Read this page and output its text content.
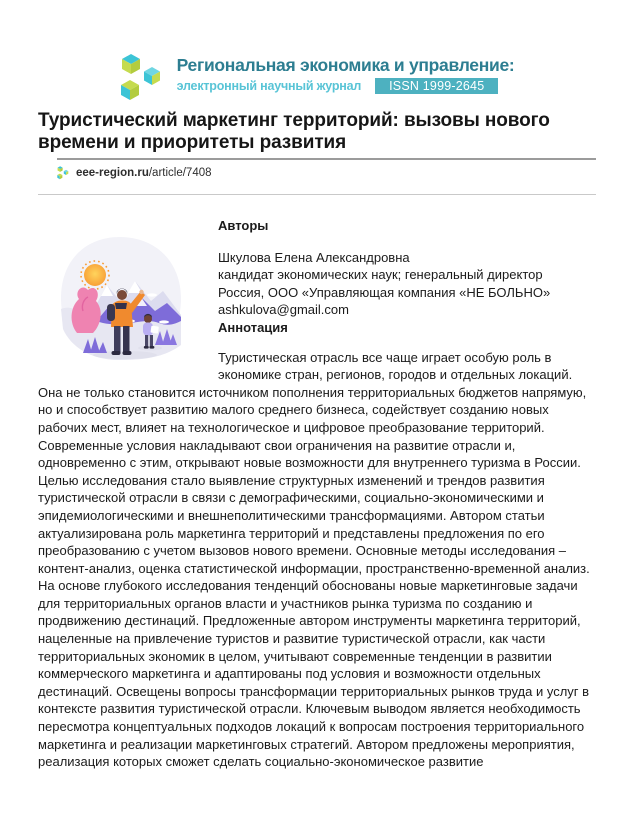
Региональная экономика и управление:
электронный научный журнал	ISSN 1999-2645
Туристический маркетинг территорий: вызовы нового времени и приоритеты развития
eee-region.ru/article/7408

Авторы

Шкулова Елена Александровна
кандидат экономических наук; генеральный директор
Россия, ООО «Управляющая компания «НЕ БОЛЬНО»
ashkulova@gmail.com

Аннотация

Туристическая отрасль все чаще играет особую роль в экономике стран, регионов, городов и отдельных локаций. Она не только становится источником пополнения территориальных бюджетов напрямую, но и способствует развитию малого среднего бизнеса, содействует созданию новых рабочих мест, влияет на технологическое и цифровое преобразование территорий. Современные условия накладывают свои ограничения на развитие отрасли и, одновременно с этим, открывают новые возможности для внутреннего туризма в России. Целью исследования стало выявление структурных изменений и трендов развития туристической отрасли в связи с демографическими, социально-экономическими и эпидемиологическими и внешнеполитическими трансформациями. Автором статьи актуализирована роль маркетинга территорий и представлены предложения по его преобразованию с учетом вызовов нового времени. Основные методы исследования – контент-анализ, оценка статистической информации, пространственно-временной анализ. На основе глубокого исследования тенденций обоснованы новые маркетинговые задачи для территориальных органов власти и участников рынка туризма по созданию и продвижению дестинаций. Предложенные автором инструменты маркетинга территорий, нацеленные на привлечение туристов и развитие туристической отрасли, как части территориальных экономик в целом, учитывают современные тенденции в развитии коммерческого маркетинга и адаптированы под условия и возможности отдельных дестинаций. Освещены вопросы трансформации территориальных рынков труда и услуг в контексте развития туристической отрасли. Ключевым выводом является необходимость пересмотра концептуальных подходов локаций к вопросам построения территориального маркетинга и реализации маркетинговых стратегий. Автором предложены мероприятия, реализация которых сможет сделать социально-экономическое развитие
